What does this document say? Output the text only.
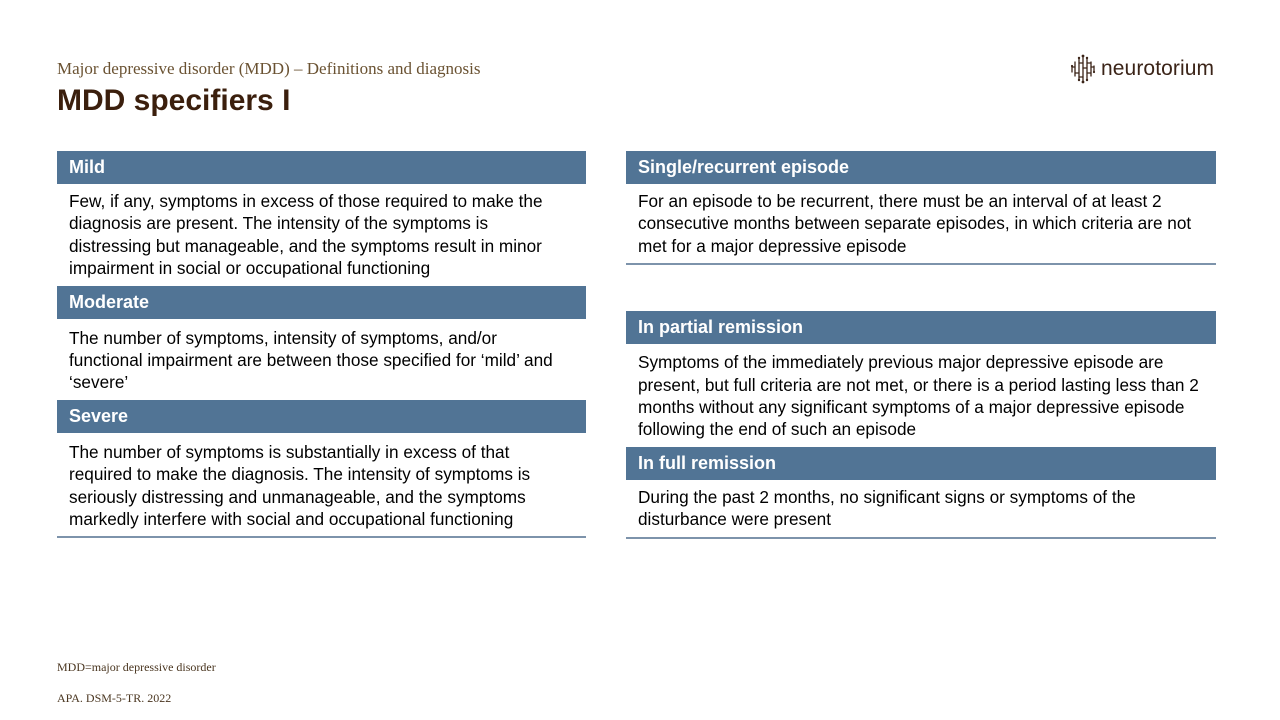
Major depressive disorder (MDD) – Definitions and diagnosis
MDD specifiers I
neurotorium
Mild
Few, if any, symptoms in excess of those required to make the diagnosis are present. The intensity of the symptoms is distressing but manageable, and the symptoms result in minor impairment in social or occupational functioning
Moderate
The number of symptoms, intensity of symptoms, and/or functional impairment are between those specified for ‘mild’ and ‘severe’
Severe
The number of symptoms is substantially in excess of that required to make the diagnosis. The intensity of symptoms is seriously distressing and unmanageable, and the symptoms markedly interfere with social and occupational functioning
Single/recurrent episode
For an episode to be recurrent, there must be an interval of at least 2 consecutive months between separate episodes, in which criteria are not met for a major depressive episode
In partial remission
Symptoms of the immediately previous major depressive episode are present, but full criteria are not met, or there is a period lasting less than 2 months without any significant symptoms of a major depressive episode following the end of such an episode
In full remission
During the past 2 months, no significant signs or symptoms of the disturbance were present
MDD=major depressive disorder
APA. DSM-5-TR. 2022
